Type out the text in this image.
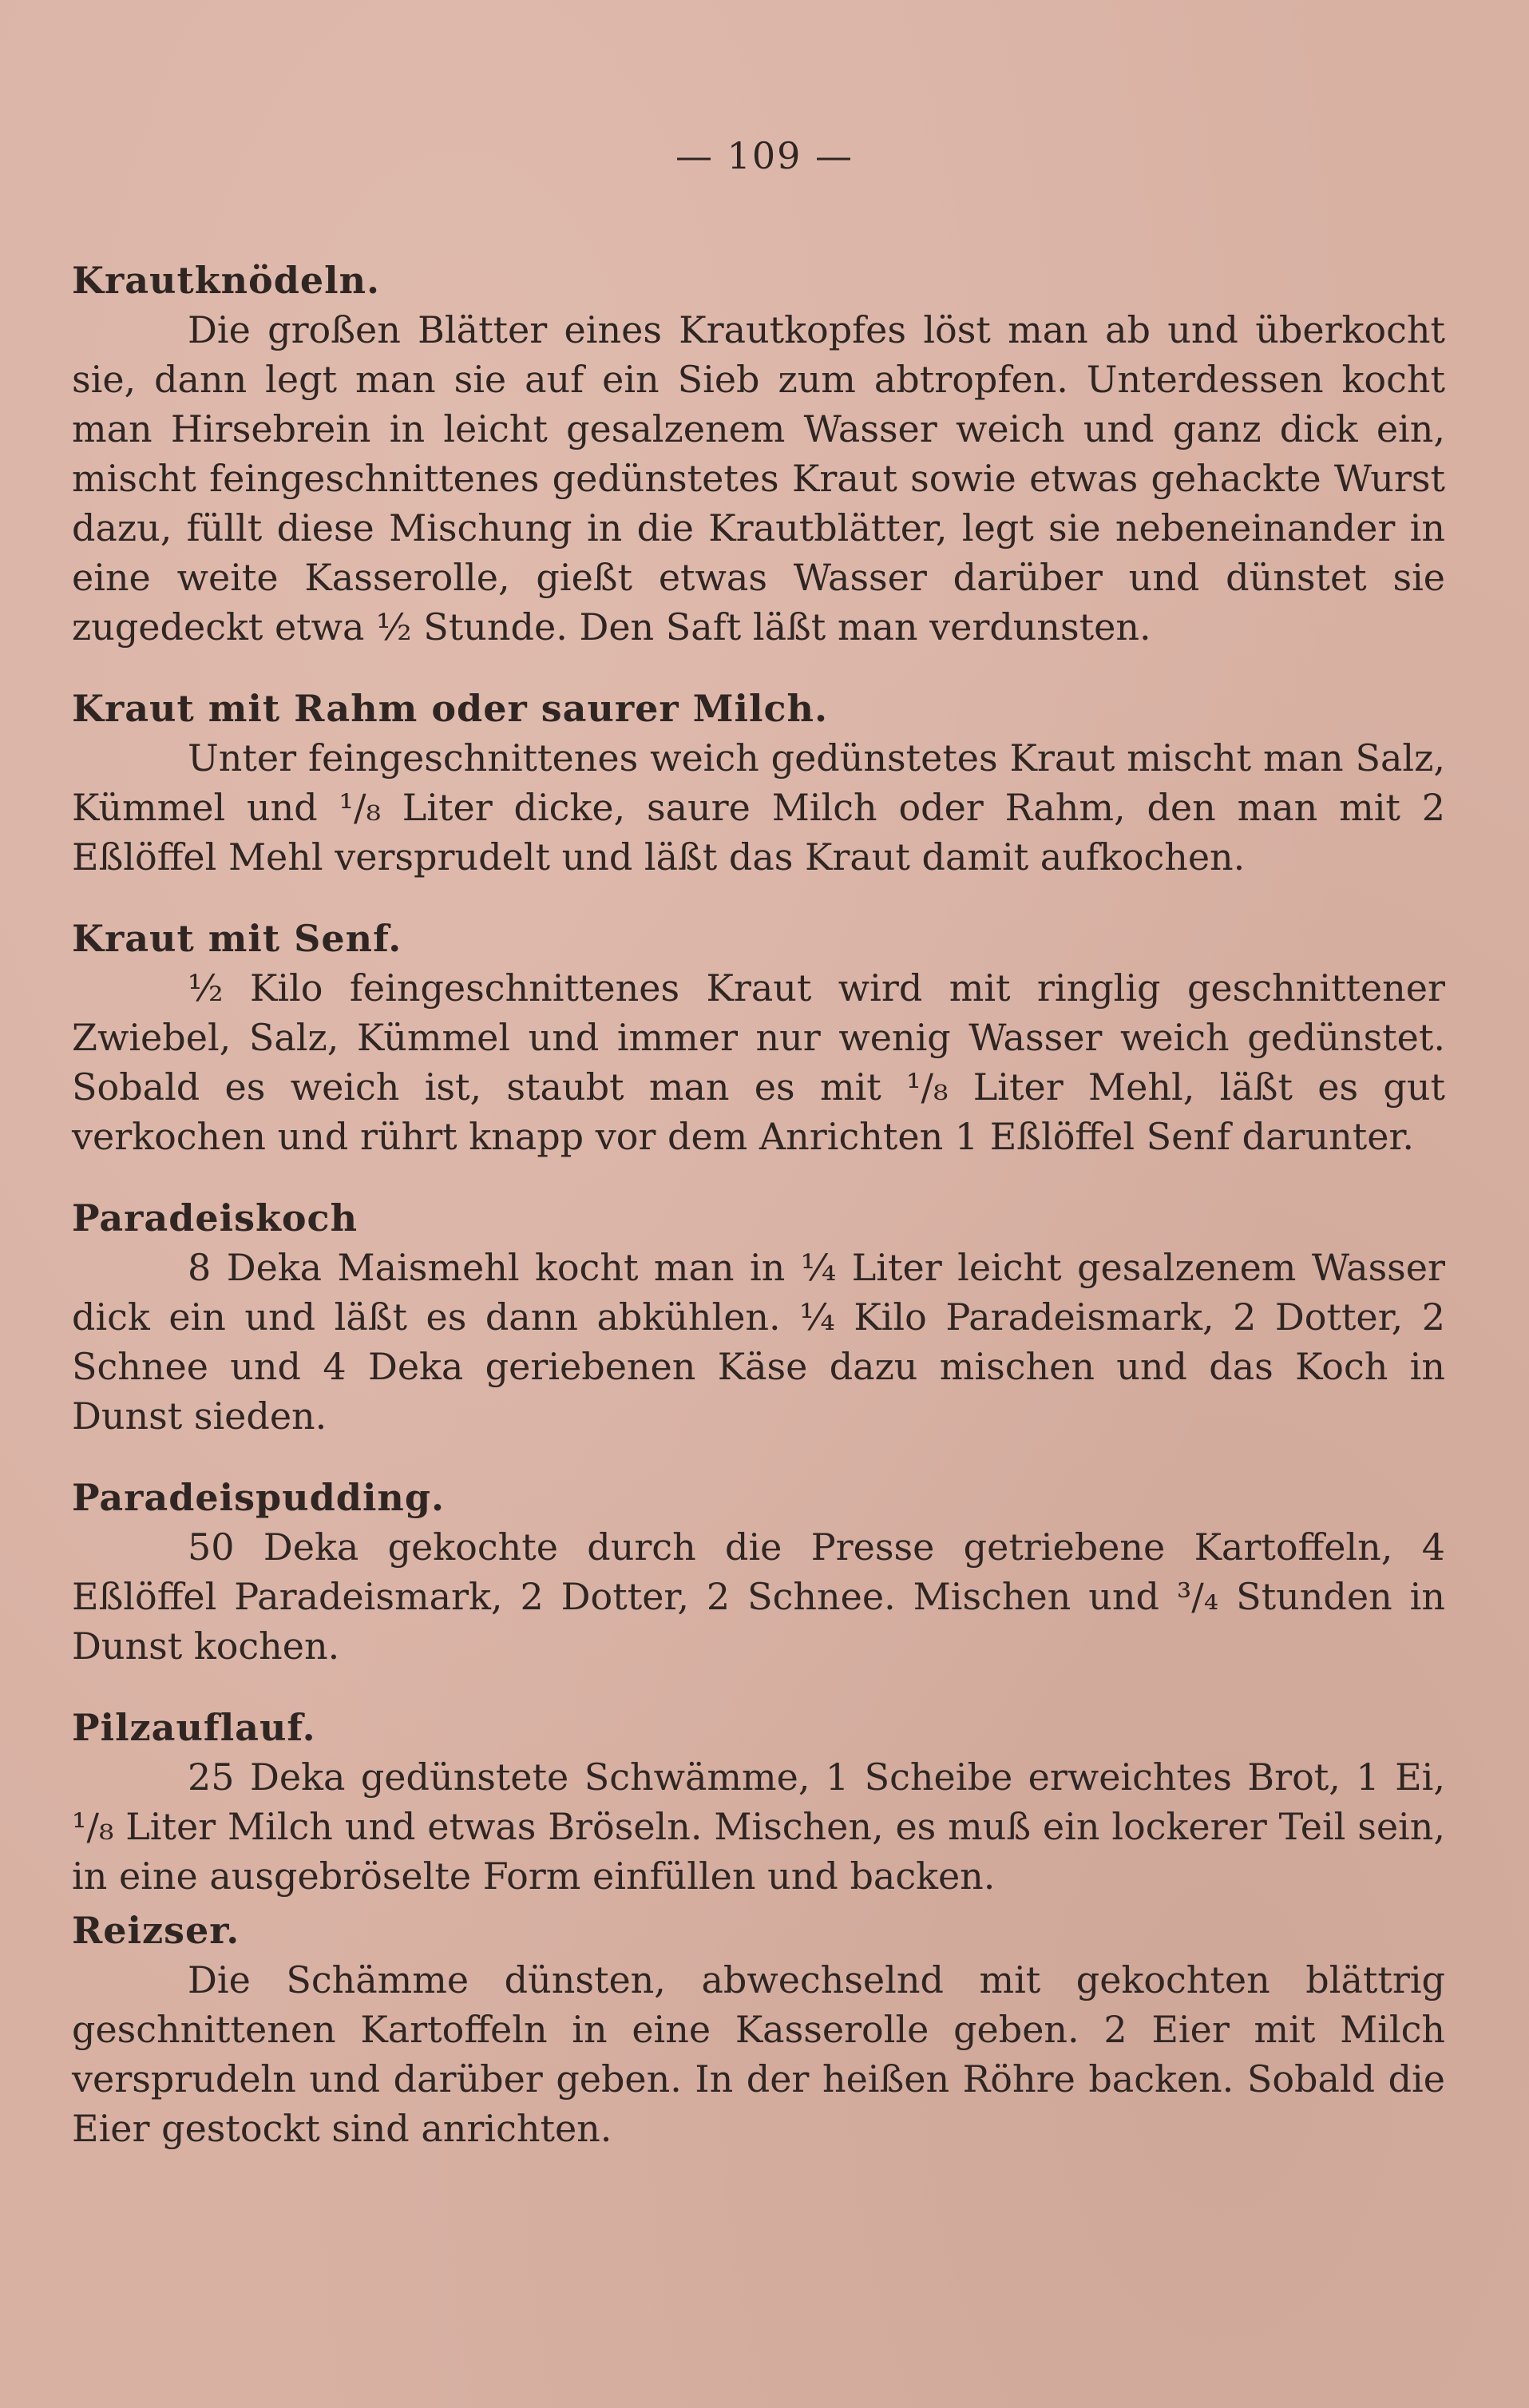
— 109 —
Krautknödeln.

Die großen Blätter eines Krautkopfes löst man ab und überkocht sie, dann legt man sie auf ein Sieb zum abtropfen. Unterdessen kocht man Hirsebrein in leicht gesalzenem Wasser weich und ganz dick ein, mischt feingeschnittenes gedünstetes Kraut sowie etwas gehackte Wurst dazu, füllt diese Mischung in die Krautblätter, legt sie nebeneinander in eine weite Kasserolle, gießt etwas Wasser darüber und dünstet sie zugedeckt etwa ½ Stunde. Den Saft läßt man verdunsten.

Kraut mit Rahm oder saurer Milch.

Unter feingeschnittenes weich gedünstetes Kraut mischt man Salz, Kümmel und ¹/₈ Liter dicke, saure Milch oder Rahm, den man mit 2 Eßlöffel Mehl versprudelt und läßt das Kraut damit aufkochen.

Kraut mit Senf.

½ Kilo feingeschnittenes Kraut wird mit ringlig geschnittener Zwiebel, Salz, Kümmel und immer nur wenig Wasser weich gedünstet. Sobald es weich ist, staubt man es mit ¹/₈ Liter Mehl, läßt es gut verkochen und rührt knapp vor dem Anrichten 1 Eßlöffel Senf darunter.

Paradeiskoch

8 Deka Maismehl kocht man in ¼ Liter leicht gesalzenem Wasser dick ein und läßt es dann abkühlen. ¼ Kilo Paradeismark, 2 Dotter, 2 Schnee und 4 Deka geriebenen Käse dazu mischen und das Koch in Dunst sieden.

Paradeispudding.

50 Deka gekochte durch die Presse getriebene Kartoffeln, 4 Eßlöffel Paradeismark, 2 Dotter, 2 Schnee. Mischen und ³/₄ Stunden in Dunst kochen.

Pilzauflauf.

25 Deka gedünstete Schwämme, 1 Scheibe erweichtes Brot, 1 Ei, ¹/₈ Liter Milch und etwas Bröseln. Mischen, es muß ein lockerer Teil sein, in eine ausgebröselte Form einfüllen und backen.

Reizser.

Die Schämme dünsten, abwechselnd mit gekochten blättrig geschnittenen Kartoffeln in eine Kasserolle geben. 2 Eier mit Milch versprudeln und darüber geben. In der heißen Röhre backen. Sobald die Eier gestockt sind anrichten.
